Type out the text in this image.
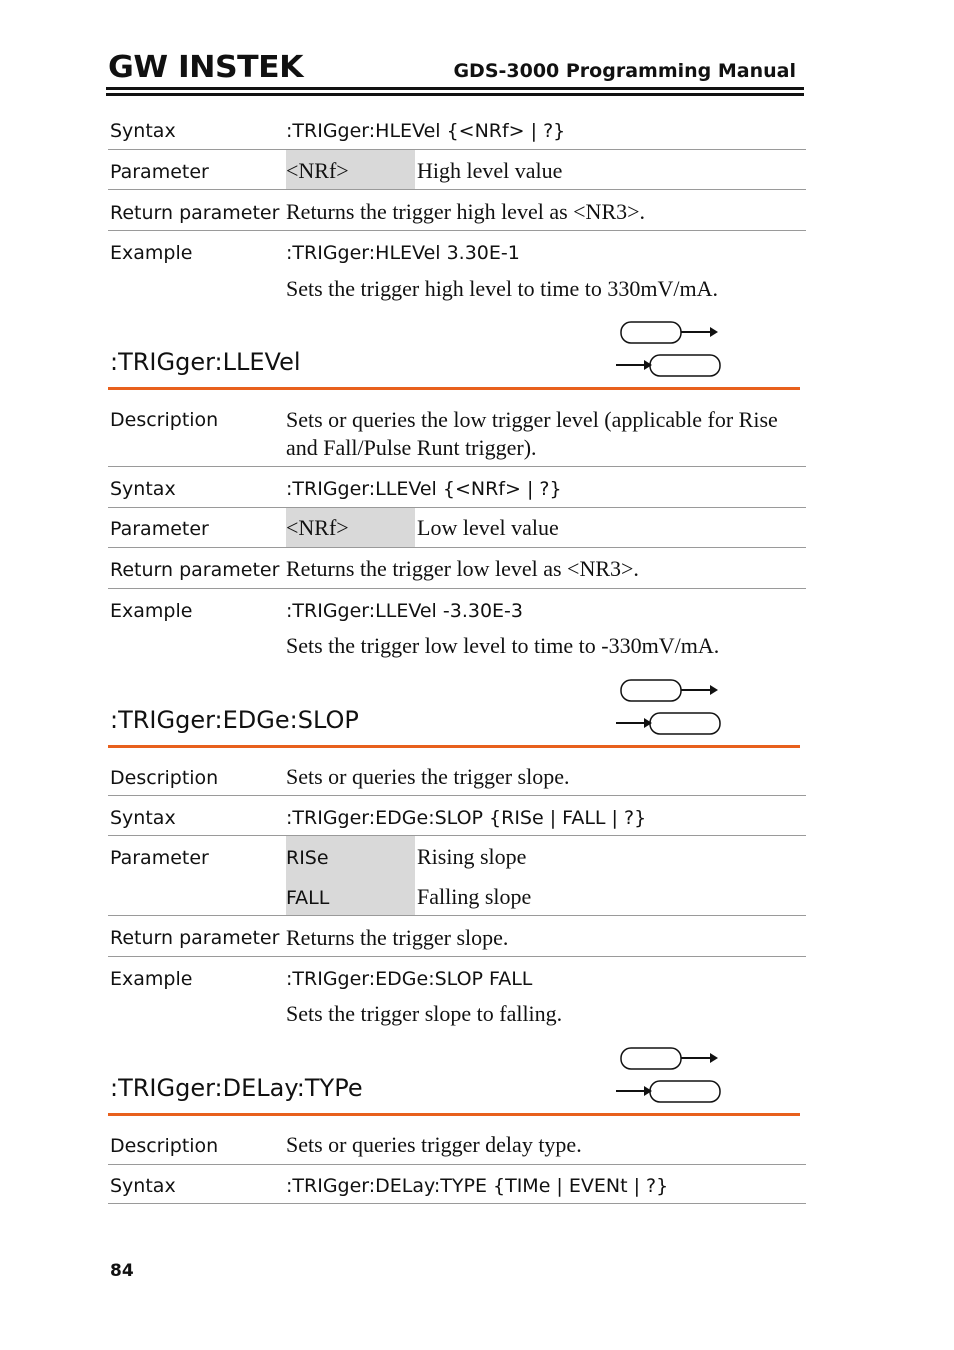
GW INSTEK	GDS-3000 Programming Manual
Syntax	:TRIGger:HLEVel {<NRf> | ?}
Parameter	<NRf>	High level value
Return parameter Returns the trigger high level as <NR3>.
Example	:TRIGger:HLEVel 3.30E-1
Sets the trigger high level to time to 330mV/mA.
:TRIGger:LLEVel
Description	Sets or queries the low trigger level (applicable for Rise and Fall/Pulse Runt trigger).
Syntax	:TRIGger:LLEVel {<NRf> | ?}
Parameter	<NRf>	Low level value
Return parameter Returns the trigger low level as <NR3>.
Example	:TRIGger:LLEVel -3.30E-3
Sets the trigger low level to time to -330mV/mA.
:TRIGger:EDGe:SLOP
Description	Sets or queries the trigger slope.
Syntax	:TRIGger:EDGe:SLOP {RISe | FALL | ?}
Parameter	RISe	Rising slope
FALL	Falling slope
Return parameter Returns the trigger slope.
Example	:TRIGger:EDGe:SLOP FALL
Sets the trigger slope to falling.
:TRIGger:DELay:TYPe
Description	Sets or queries trigger delay type.
Syntax	:TRIGger:DELay:TYPE {TIMe | EVENt | ?}
84
